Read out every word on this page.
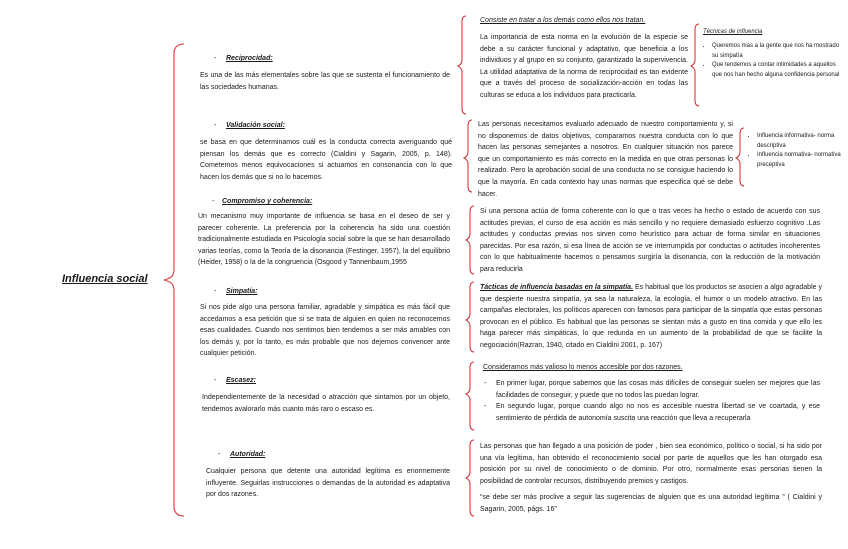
Influencia social
- Reciprocidad:

Es una de las más elementales sobre las que se sustenta el funcionamiento de las sociedades humanas.

Consiste en tratar a los demás como ellos nos tratan.

La importancia de esta norma en la evolución de la especie se debe a su carácter funcional y adaptativo, que beneficia a los individuos y al grupo en su conjunto, garantizado la supervivencia. La utilidad adaptativa de la norma de reciprocidad es tan evidente que a través del proceso de socialización-acción en todas las culturas se educa a los individuos para practicarla.

Técnicas de influencia
• Queremos más a la gente que nos ha mostrado su simpatía
• Que tendemos a contar intimidades a aquellos que nos han hecho alguna confidencia personal
- Validación social:

se basa en que determinamos cuál es la conducta correcta averiguando qué piensan los demás que es correcto (Cialdini y Sagarin, 2005, p. 148). Cometemos menos equivocaciones si actuamos en consonancia con lo que hacen los demás que si no lo hacemos.

Las personas necesitamos evaluarlo adecuado de nuestro comportamiento y, si no disponemos de datos objetivos, comparamos nuestra conducta con lo que hacen las personas semejantes a nosotros. En cualquier situación nos parece que un comportamiento es más correcto en la medida en que otras personas lo realizado. Pero la aprobación social de una conducta no se consigue haciendo lo que la mayoría. En cada contexto hay unas normas que especifica qué se debe hacer.

• Influencia informativa- norma descriptiva
• Influencia normativa- normativa preceptiva
- Compromiso y coherencia:

Un mecanismo muy importante de influencia se basa en el deseo de ser y parecer coherente. La preferencia por la coherencia ha sido una cuestión tradicionalmente estudiada en Psicología social sobre la que se han desarrollado varias teorías, como la Teoría de la disonancia (Festinger, 1957), la del equilibrio (Heider, 1958) o la de la congruencia (Osgood y Tannenbaum,1955

Si una persona actúa de forma coherente con lo que o tras veces ha hecho o estado de acuerdo con sus actitudes previas, el curso de esa acción es más sencillo y no requiere demasiado esfuerzo cognitivo .Las actitudes y conductas previas nos sirven como heurístico para actuar de forma similar en situaciones parecidas. Por esa razón, si esa línea de acción se ve interrumpida por conductas o actitudes incoherentes con lo que habitualmente hacemos o pensamos surgiría la disonancia, con la reducción de la motivación para reducirla

- Simpatía:

Si nos pide algo una persona familiar, agradable y simpática es más fácil que accedamos a esa petición que si se trata de alguien en quien no reconocemos esas cualidades. Cuando nos sentimos bien tendemos a ser más amables con los demás y, por lo tanto, es más probable que nos dejemos convencer ante cualquier petición.

Tácticas de influencia basadas en la simpatía. Es habitual que los productos se asocien a algo agradable y que despierte nuestra simpatía, ya sea la naturaleza, la ecología, el humor o un modelo atractivo. En las campañas electorales, los políticos aparecen con famosos para participar de la simpatía que estas personas provocan en el público. Es habitual que las personas se sientan más a gusto en tina comida y que ello les haga parecer más simpáticas, lo que redunda en un aumento de la probabilidad de que se facilite la negociación(Razran, 1940, citado en Cialdini 2001, p. 167)

- Escasez:

Independientemente de la necesidad o atracción que sintamos por un objeto, tendemos avalorarlo más cuanto más raro o escaso es.

Consideramos más valioso lo menos accesible por dos razones.
- En primer lugar, porque sabemos que las cosas más difíciles de conseguir suelen ser mejores que las facilidades de conseguir, y puede que no todos las puedan lograr.
- En segundo lugar, porque cuando algo no nos es accesible nuestra libertad se ve coartada, y ese sentimiento de pérdida de autonomía suscita una reacción que lleva a recuperarla
- Autoridad:

Cualquier persona que detente una autoridad legítima es enormemente influyente. Seguirlas instrucciones o demandas de la autoridad es adaptativa por dos razones.

Las personas que han llegado a una posición de poder , bien sea económico, político o social, si ha sido por una vía legítima, han obtenido el reconocimiento social por parte de aquellos que les han otorgado esa posición por su nivel de conocimiento o de dominio. Por otro, normalmente esas personas tienen la posibilidad de controlar recursos, distribuyendo premios y castigos.

“se debe ser más proclive a seguir las sugerencias de alguien que es una autoridad legítima ” ( Cialdini y Sagarin, 2005, págs. 16”
